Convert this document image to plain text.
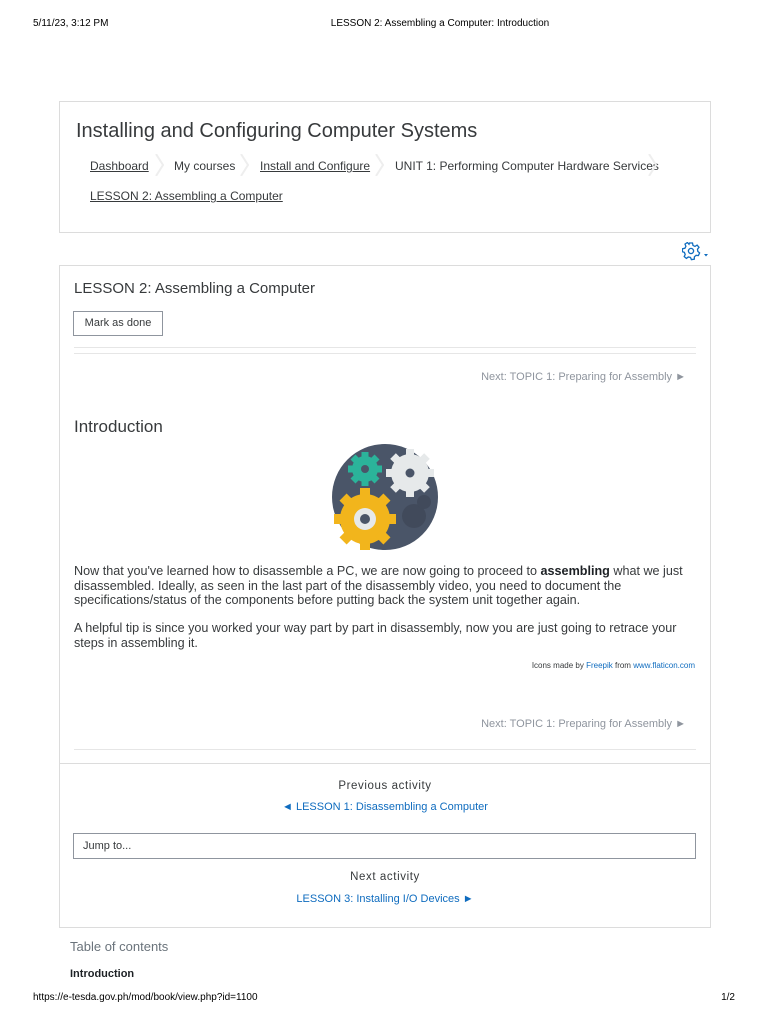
5/11/23, 3:12 PM	LESSON 2: Assembling a Computer: Introduction
Installing and Configuring Computer Systems
Dashboard My courses Install and Configure UNIT 1: Performing Computer Hardware Services
LESSON 2: Assembling a Computer
LESSON 2: Assembling a Computer
Mark as done
Next: TOPIC 1: Preparing for Assembly ►
Introduction

Now that you've learned how to disassemble a PC, we are now going to proceed to assembling what we just disassembled. Ideally, as seen in the last part of the disassembly video, you need to document the specifications/status of the components before putting back the system unit together again.

A helpful tip is since you worked your way part by part in disassembly, now you are just going to retrace your steps in assembling it.

Icons made by Freepik from www.flaticon.com
Next: TOPIC 1: Preparing for Assembly ►
Previous activity
◄ LESSON 1: Disassembling a Computer
Jump to...
Next activity
LESSON 3: Installing I/O Devices ►
Table of contents
Introduction
https://e-tesda.gov.ph/mod/book/view.php?id=1100	1/2
